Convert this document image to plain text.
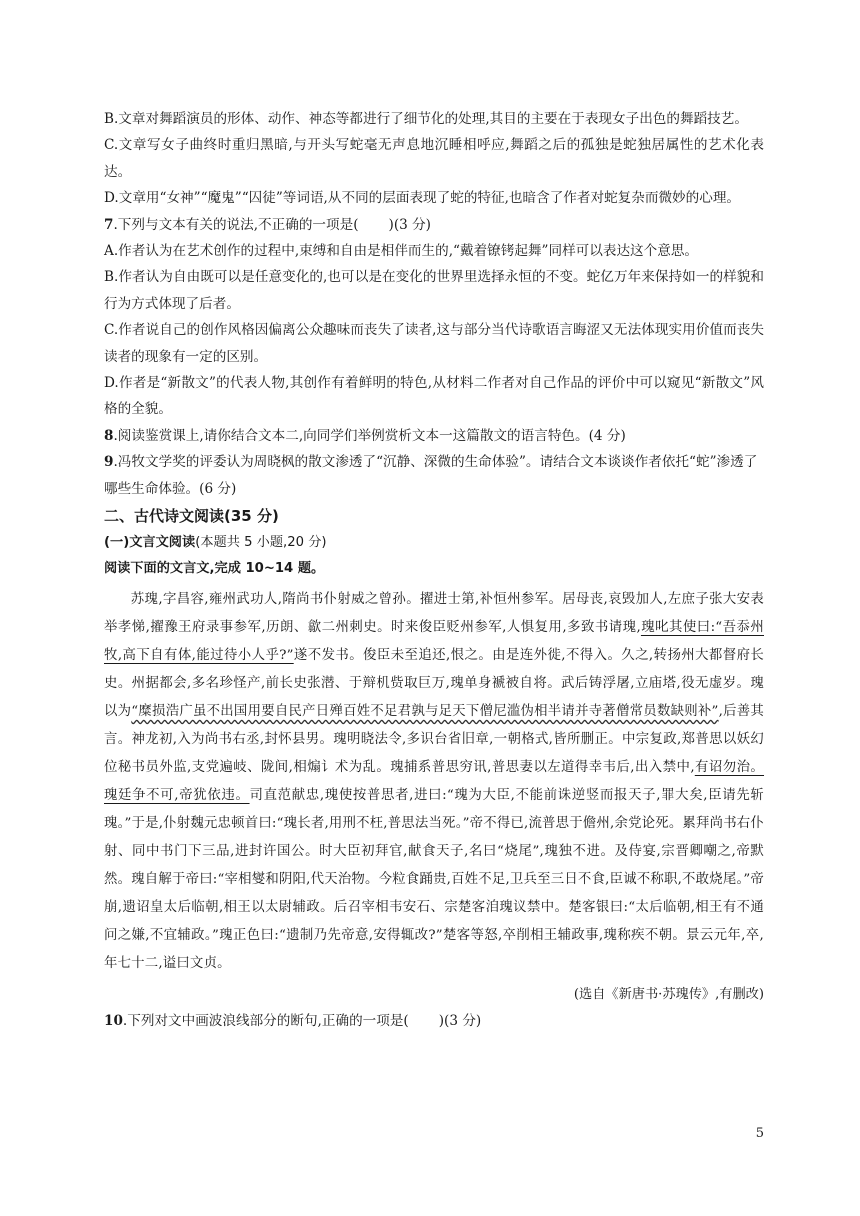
B.文章对舞蹈演员的形体、动作、神态等都进行了细节化的处理,其目的主要在于表现女子出色的舞蹈技艺。

C.文章写女子曲终时重归黑暗,与开头写蛇毫无声息地沉睡相呼应,舞蹈之后的孤独是蛇独居属性的艺术化表达。

D.文章用“女神”“魔鬼”“囚徒”等词语,从不同的层面表现了蛇的特征,也暗含了作者对蛇复杂而微妙的心理。

7.下列与文本有关的说法,不正确的一项是( )(3 分)

A.作者认为在艺术创作的过程中,束缚和自由是相伴而生的,“戴着镣铐起舞”同样可以表达这个意思。

B.作者认为自由既可以是任意变化的,也可以是在变化的世界里选择永恒的不变。蛇亿万年来保持如一的样貌和行为方式体现了后者。

C.作者说自己的创作风格因偏离公众趣味而丧失了读者,这与部分当代诗歌语言晦涩又无法体现实用价值而丧失读者的现象有一定的区别。

D.作者是“新散文”的代表人物,其创作有着鲜明的特色,从材料二作者对自己作品的评价中可以窥见“新散文”风格的全貌。

8.阅读鉴赏课上,请你结合文本二,向同学们举例赏析文本一这篇散文的语言特色。(4 分)

9.冯牧文学奖的评委认为周晓枫的散文渗透了“沉静、深微的生命体验”。请结合文本谈谈作者依托“蛇”渗透了哪些生命体验。(6 分)

二、古代诗文阅读(35 分)

(一)文言文阅读(本题共 5 小题,20 分)

阅读下面的文言文,完成 10~14 题。

苏瑰,字昌容,雍州武功人,隋尚书仆射威之曾孙。擢进士第,补恒州参军。居母丧,哀毁加人,左庶子张大安表举孝悌,擢豫王府录事参军,历朗、歙二州刺史。时来俊臣贬州参军,人惧复用,多致书请瑰,瑰叱其使曰:“吾忝州牧,高下自有体,能过待小人乎?”遂不发书。俊臣未至追还,恨之。由是连外徙,不得入。久之,转扬州大都督府长史。州据都会,多名珍怪产,前长史张潜、于辩机赀取巨万,瑰单身褫被自将。武后铸浮屠,立庙塔,役无虚岁。瑰以为“糜损浩广虽不出国用要自民产日殚百姓不足君孰与足天下僧尼滥伪相半请并寺著僧常员数缺则补”,后善其言。神龙初,入为尚书右丞,封怀县男。瑰明晓法令,多识台省旧章,一朝格式,皆所删正。中宗复政,郑普思以妖幻位秘书员外监,支党遍岐、陇间,相煽讠术为乱。瑰捕系普思穷讯,普思妻以左道得幸韦后,出入禁中,有诏勿治。瑰廷争不可,帝犹依违。司直范献忠,瑰使按普思者,进曰:“瑰为大臣,不能前诛逆竖而报天子,罪大矣,臣请先斩瑰。”于是,仆射魏元忠顿首曰:“瑰长者,用刑不枉,普思法当死。”帝不得已,流普思于儋州,余党论死。累拜尚书右仆射、同中书门下三品,进封许国公。时大臣初拜官,献食天子,名曰“烧尾”,瑰独不进。及侍宴,宗晋卿嘲之,帝默然。瑰自解于帝曰:“宰相燮和阴阳,代天治物。今粒食踊贵,百姓不足,卫兵至三日不食,臣诚不称职,不敢烧尾。”帝崩,遗诏皇太后临朝,相王以太尉辅政。后召宰相韦安石、宗楚客洎瑰议禁中。楚客银曰:“太后临朝,相王有不通问之嫌,不宜辅政。”瑰正色曰:“遗制乃先帝意,安得辄改?”楚客等怒,卒削相王辅政事,瑰称疾不朝。景云元年,卒,年七十二,谥曰文贞。

(选自《新唐书·苏瑰传》,有删改)

10.下列对文中画波浪线部分的断句,正确的一项是( )(3 分)

5
